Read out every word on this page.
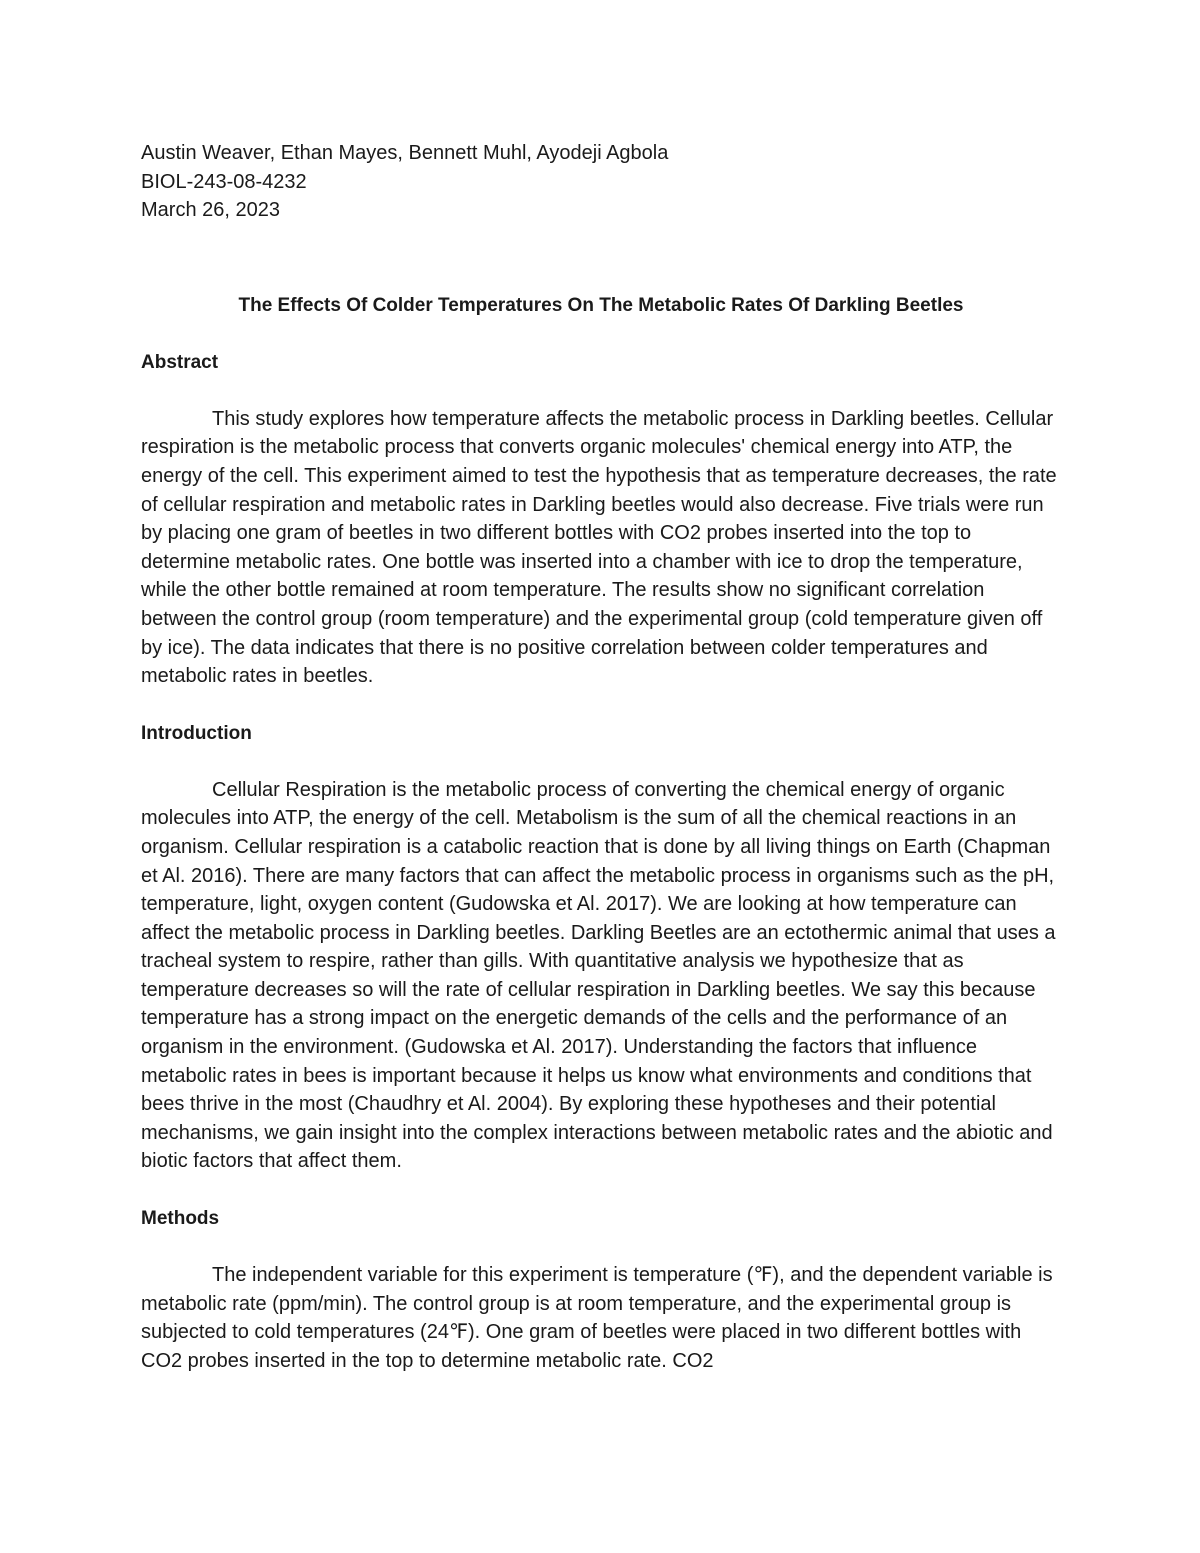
Austin Weaver, Ethan Mayes, Bennett Muhl, Ayodeji Agbola

BIOL-243-08-4232

March 26, 2023

The Effects Of Colder Temperatures On The Metabolic Rates Of Darkling Beetles
Abstract

This study explores how temperature affects the metabolic process in Darkling beetles. Cellular respiration is the metabolic process that converts organic molecules' chemical energy into ATP, the energy of the cell. This experiment aimed to test the hypothesis that as temperature decreases, the rate of cellular respiration and metabolic rates in Darkling beetles would also decrease. Five trials were run by placing one gram of beetles in two different bottles with CO2 probes inserted into the top to determine metabolic rates. One bottle was inserted into a chamber with ice to drop the temperature, while the other bottle remained at room temperature. The results show no significant correlation between the control group (room temperature) and the experimental group (cold temperature given off by ice). The data indicates that there is no positive correlation between colder temperatures and metabolic rates in beetles.

Introduction

Cellular Respiration is the metabolic process of converting the chemical energy of organic molecules into ATP, the energy of the cell. Metabolism is the sum of all the chemical reactions in an organism. Cellular respiration is a catabolic reaction that is done by all living things on Earth (Chapman et Al. 2016). There are many factors that can affect the metabolic process in organisms such as the pH, temperature, light, oxygen content (Gudowska et Al. 2017). We are looking at how temperature can affect the metabolic process in Darkling beetles. Darkling Beetles are an ectothermic animal that uses a tracheal system to respire, rather than gills. With quantitative analysis we hypothesize that as temperature decreases so will the rate of cellular respiration in Darkling beetles. We say this because temperature has a strong impact on the energetic demands of the cells and the performance of an organism in the environment. (Gudowska et Al. 2017). Understanding the factors that influence metabolic rates in bees is important because it helps us know what environments and conditions that bees thrive in the most (Chaudhry et Al. 2004). By exploring these hypotheses and their potential mechanisms, we gain insight into the complex interactions between metabolic rates and the abiotic and biotic factors that affect them.

Methods

The independent variable for this experiment is temperature (℉), and the dependent variable is metabolic rate (ppm/min). The control group is at room temperature, and the experimental group is subjected to cold temperatures (24℉). One gram of beetles were placed in two different bottles with CO2 probes inserted in the top to determine metabolic rate. CO2
